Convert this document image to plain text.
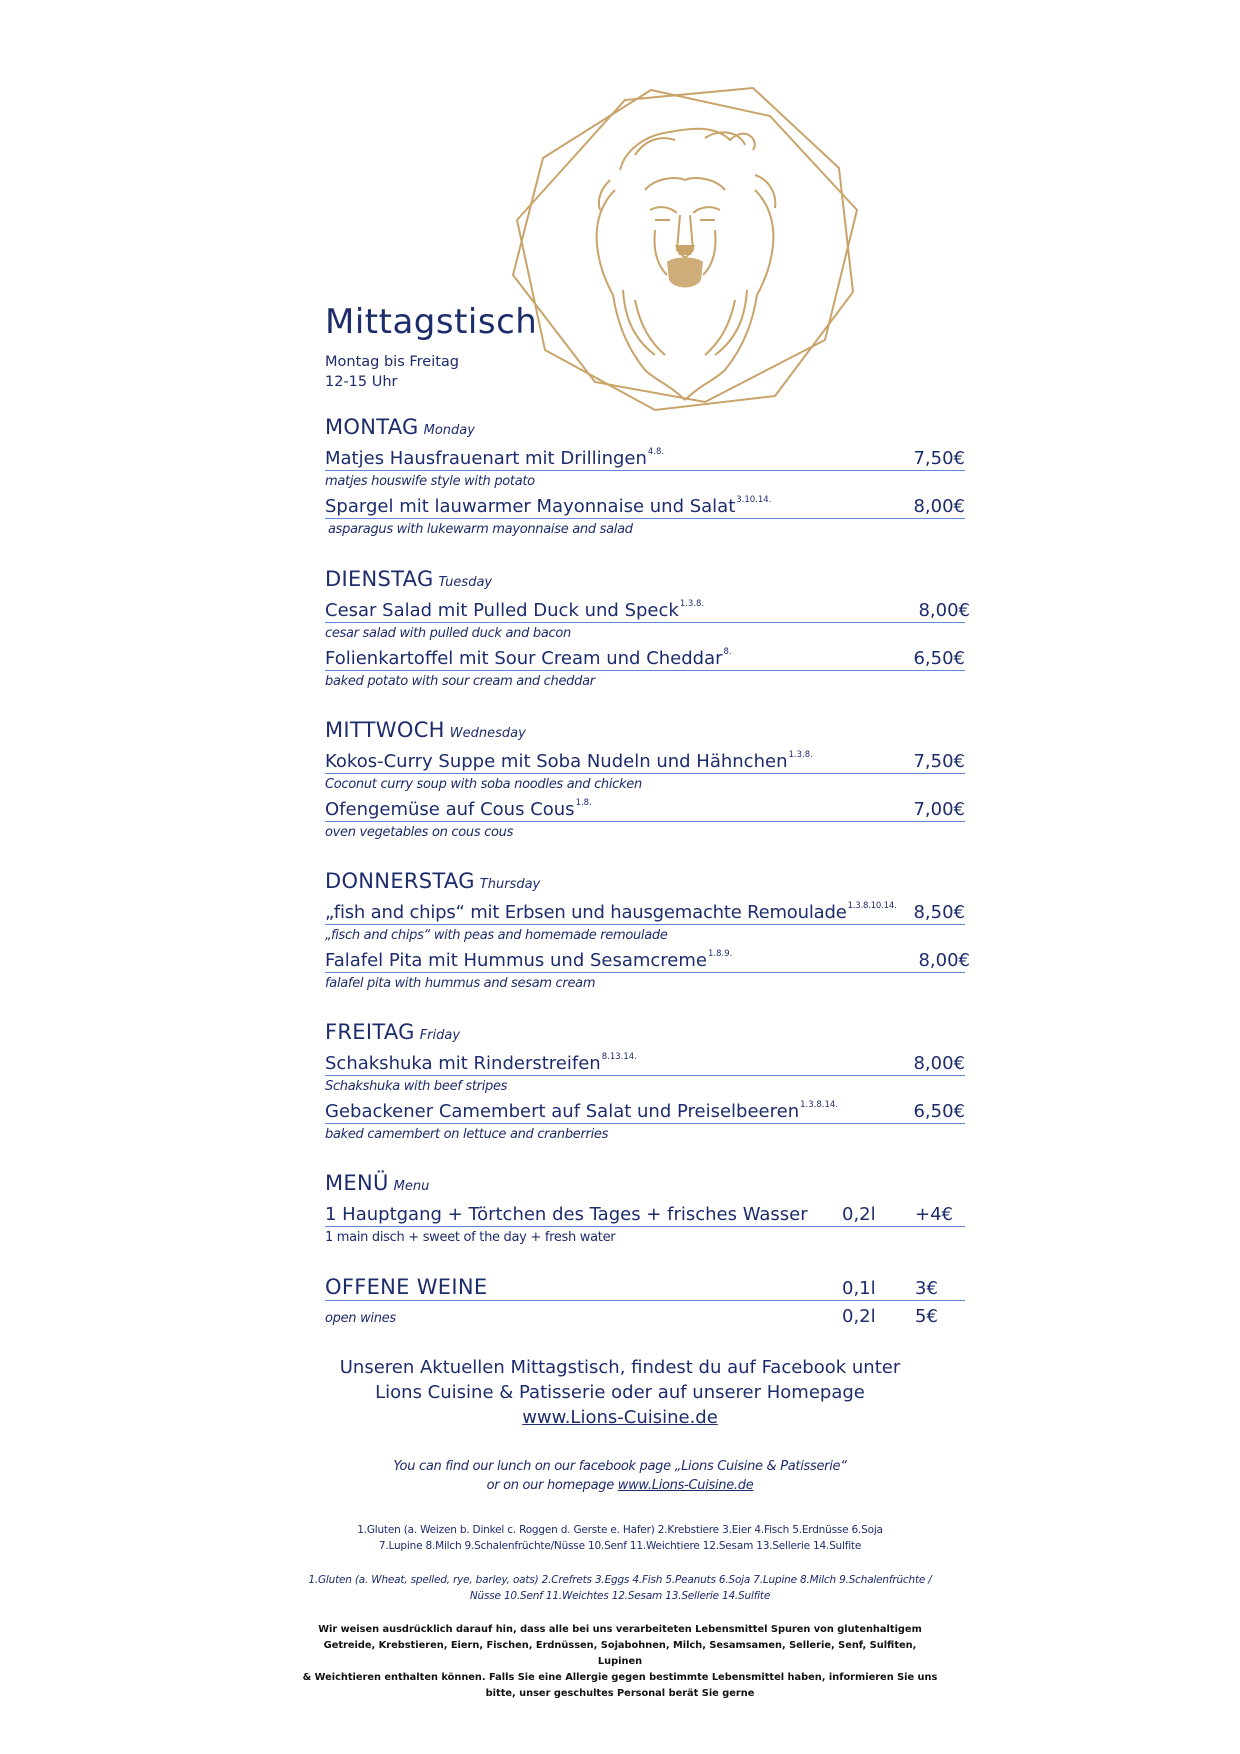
Mittagstisch
Montag bis Freitag
12-15 Uhr
MONTAG Monday
Matjes Hausfrauenart mit Drillingen$^{4.8.}$	7,50€
matjes houswife style with potato
Spargel mit lauwarmer Mayonnaise und Salat$^{3.10.14.}$	8,00€
asparagus with lukewarm mayonnaise and salad
DIENSTAG Tuesday
Cesar Salad mit Pulled Duck und Speck$^{1.3.8.}$	8,00€
cesar salad with pulled duck and bacon
Folienkartoffel mit Sour Cream und Cheddar$^{8.}$	6,50€
baked potato with sour cream and cheddar
MITTWOCH Wednesday
Kokos-Curry Suppe mit Soba Nudeln und Hähnchen$^{1.3.8.}$	7,50€
Coconut curry soup with soba noodles and chicken
Ofengemüse auf Cous Cous$^{1.8.}$	7,00€
oven vegetables on cous cous
DONNERSTAG Thursday
„fish and chips“ mit Erbsen und hausgemachte Remoulade$^{1.3.8.10.14.}$ 8,50€
„fisch and chips“ with peas and homemade remoulade
Falafel Pita mit Hummus und Sesamcreme$^{1.8.9.}$	8,00€
falafel pita with hummus and sesam cream
FREITAG Friday
Schakshuka mit Rinderstreifen$^{8.13.14.}$	8,00€
Schakshuka with beef stripes
Gebackener Camembert auf Salat und Preiselbeeren$^{1.3.8.14.}$	6,50€
baked camembert on lettuce and cranberries
MENÜ Menu
1 Hauptgang + Törtchen des Tages + frisches Wasser 0,2l +4€
1 main disch + sweet of the day + fresh water
OFFENE WEINE	0,1l 3€
open wines	0,2l 5€
Unseren Aktuellen Mittagstisch, findest du auf Facebook unter
Lions Cuisine & Patisserie oder auf unserer Homepage
www.Lions-Cuisine.de
You can find our lunch on our facebook page „Lions Cuisine & Patisserie“
or on our homepage www.Lions-Cuisine.de
1.Gluten (a. Weizen b. Dinkel c. Roggen d. Gerste e. Hafer) 2.Krebstiere 3.Eier 4.Fisch 5.Erdnüsse 6.Soja
7.Lupine 8.Milch 9.Schalenfrüchte/Nüsse 10.Senf 11.Weichtiere 12.Sesam 13.Sellerie 14.Sulfite
1.Gluten (a. Wheat, spelled, rye, barley, oats) 2.Crefrets 3.Eggs 4.Fish 5.Peanuts 6.Soja 7.Lupine 8.Milch 9.Schalenfrüchte /
Nüsse 10.Senf 11.Weichtes 12.Sesam 13.Sellerie 14.Sulfite
Wir weisen ausdrücklich darauf hin, dass alle bei uns verarbeiteten Lebensmittel Spuren von glutenhaltigem
Getreide, Krebstieren, Eiern, Fischen, Erdnüssen, Sojabohnen, Milch, Sesamsamen, Sellerie, Senf, Sulfiten, Lupinen
& Weichtieren enthalten können. Falls Sie eine Allergie gegen bestimmte Lebensmittel haben, informieren Sie uns
bitte, unser geschultes Personal berät Sie gerne
